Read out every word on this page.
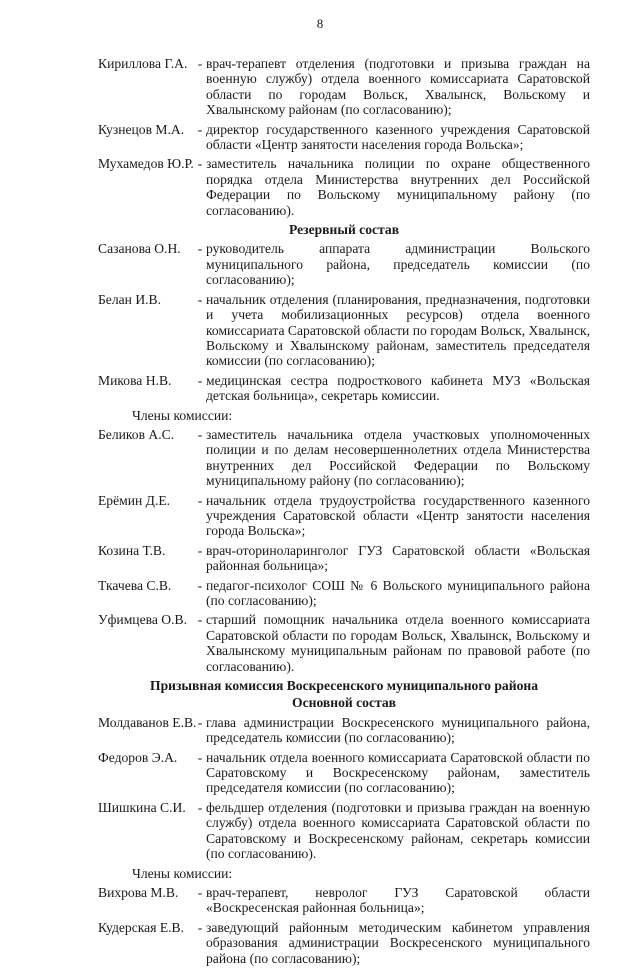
8
Кириллова Г.А. - врач-терапевт отделения (подготовки и призыва граждан на военную службу) отдела военного комиссариата Саратовской области по городам Вольск, Хвалынск, Вольскому и Хвалынскому районам (по согласованию);
Кузнецов М.А.	- директор государственного казенного учреждения Саратовской области «Центр занятости населения города Вольска»;
Мухамедов Ю.Р. - заместитель начальника полиции по охране общественного порядка отдела Министерства внутренних дел Российской Федерации по Вольскому муниципальному району (по согласованию).
Резервный состав
Сазанова О.Н.	- руководитель аппарата администрации Вольского муниципального района, председатель комиссии (по согласованию);
Белан И.В.	- начальник отделения (планирования, предназначения, подготовки и учета мобилизационных ресурсов) отдела военного комиссариата Саратовской области по городам Вольск, Хвалынск, Вольскому и Хвалынскому районам, заместитель председателя комиссии (по согласованию);
Микова Н.В.	- медицинская сестра подросткового кабинета МУЗ «Вольская детская больница», секретарь комиссии.
Члены комиссии:
Беликов А.С.	- заместитель начальника отдела участковых уполномоченных полиции и по делам несовершеннолетних отдела Министерства внутренних дел Российской Федерации по Вольскому муниципальному району (по согласованию);
Ерёмин Д.Е.	- начальник отдела трудоустройства государственного казенного учреждения Саратовской области «Центр занятости населения города Вольска»;
Козина Т.В.	- врач-оториноларинголог ГУЗ Саратовской области «Вольская районная больница»;
Ткачева С.В.	- педагог-психолог СОШ № 6 Вольского муниципального района (по согласованию);
Уфимцева О.В. - старший помощник начальника отдела военного комиссариата Саратовской области по городам Вольск, Хвалынск, Вольскому и Хвалынскому муниципальным районам по правовой работе (по согласованию).
Призывная комиссия Воскресенского муниципального района
Основной состав
Молдаванов Е.В. - глава администрации Воскресенского муниципального района, председатель комиссии (по согласованию);
Федоров Э.А.	- начальник отдела военного комиссариата Саратовской области по Саратовскому и Воскресенскому районам, заместитель председателя комиссии (по согласованию);
Шишкина С.И. - фельдшер отделения (подготовки и призыва граждан на военную службу) отдела военного комиссариата Саратовской области по Саратовскому и Воскресенскому районам, секретарь комиссии (по согласованию).
Члены комиссии:
Вихрова М.В.	- врач-терапевт, невролог ГУЗ Саратовской области «Воскресенская районная больница»;
Кудерская Е.В.	- заведующий районным методическим кабинетом управления образования администрации Воскресенского муниципального района (по согласованию);
